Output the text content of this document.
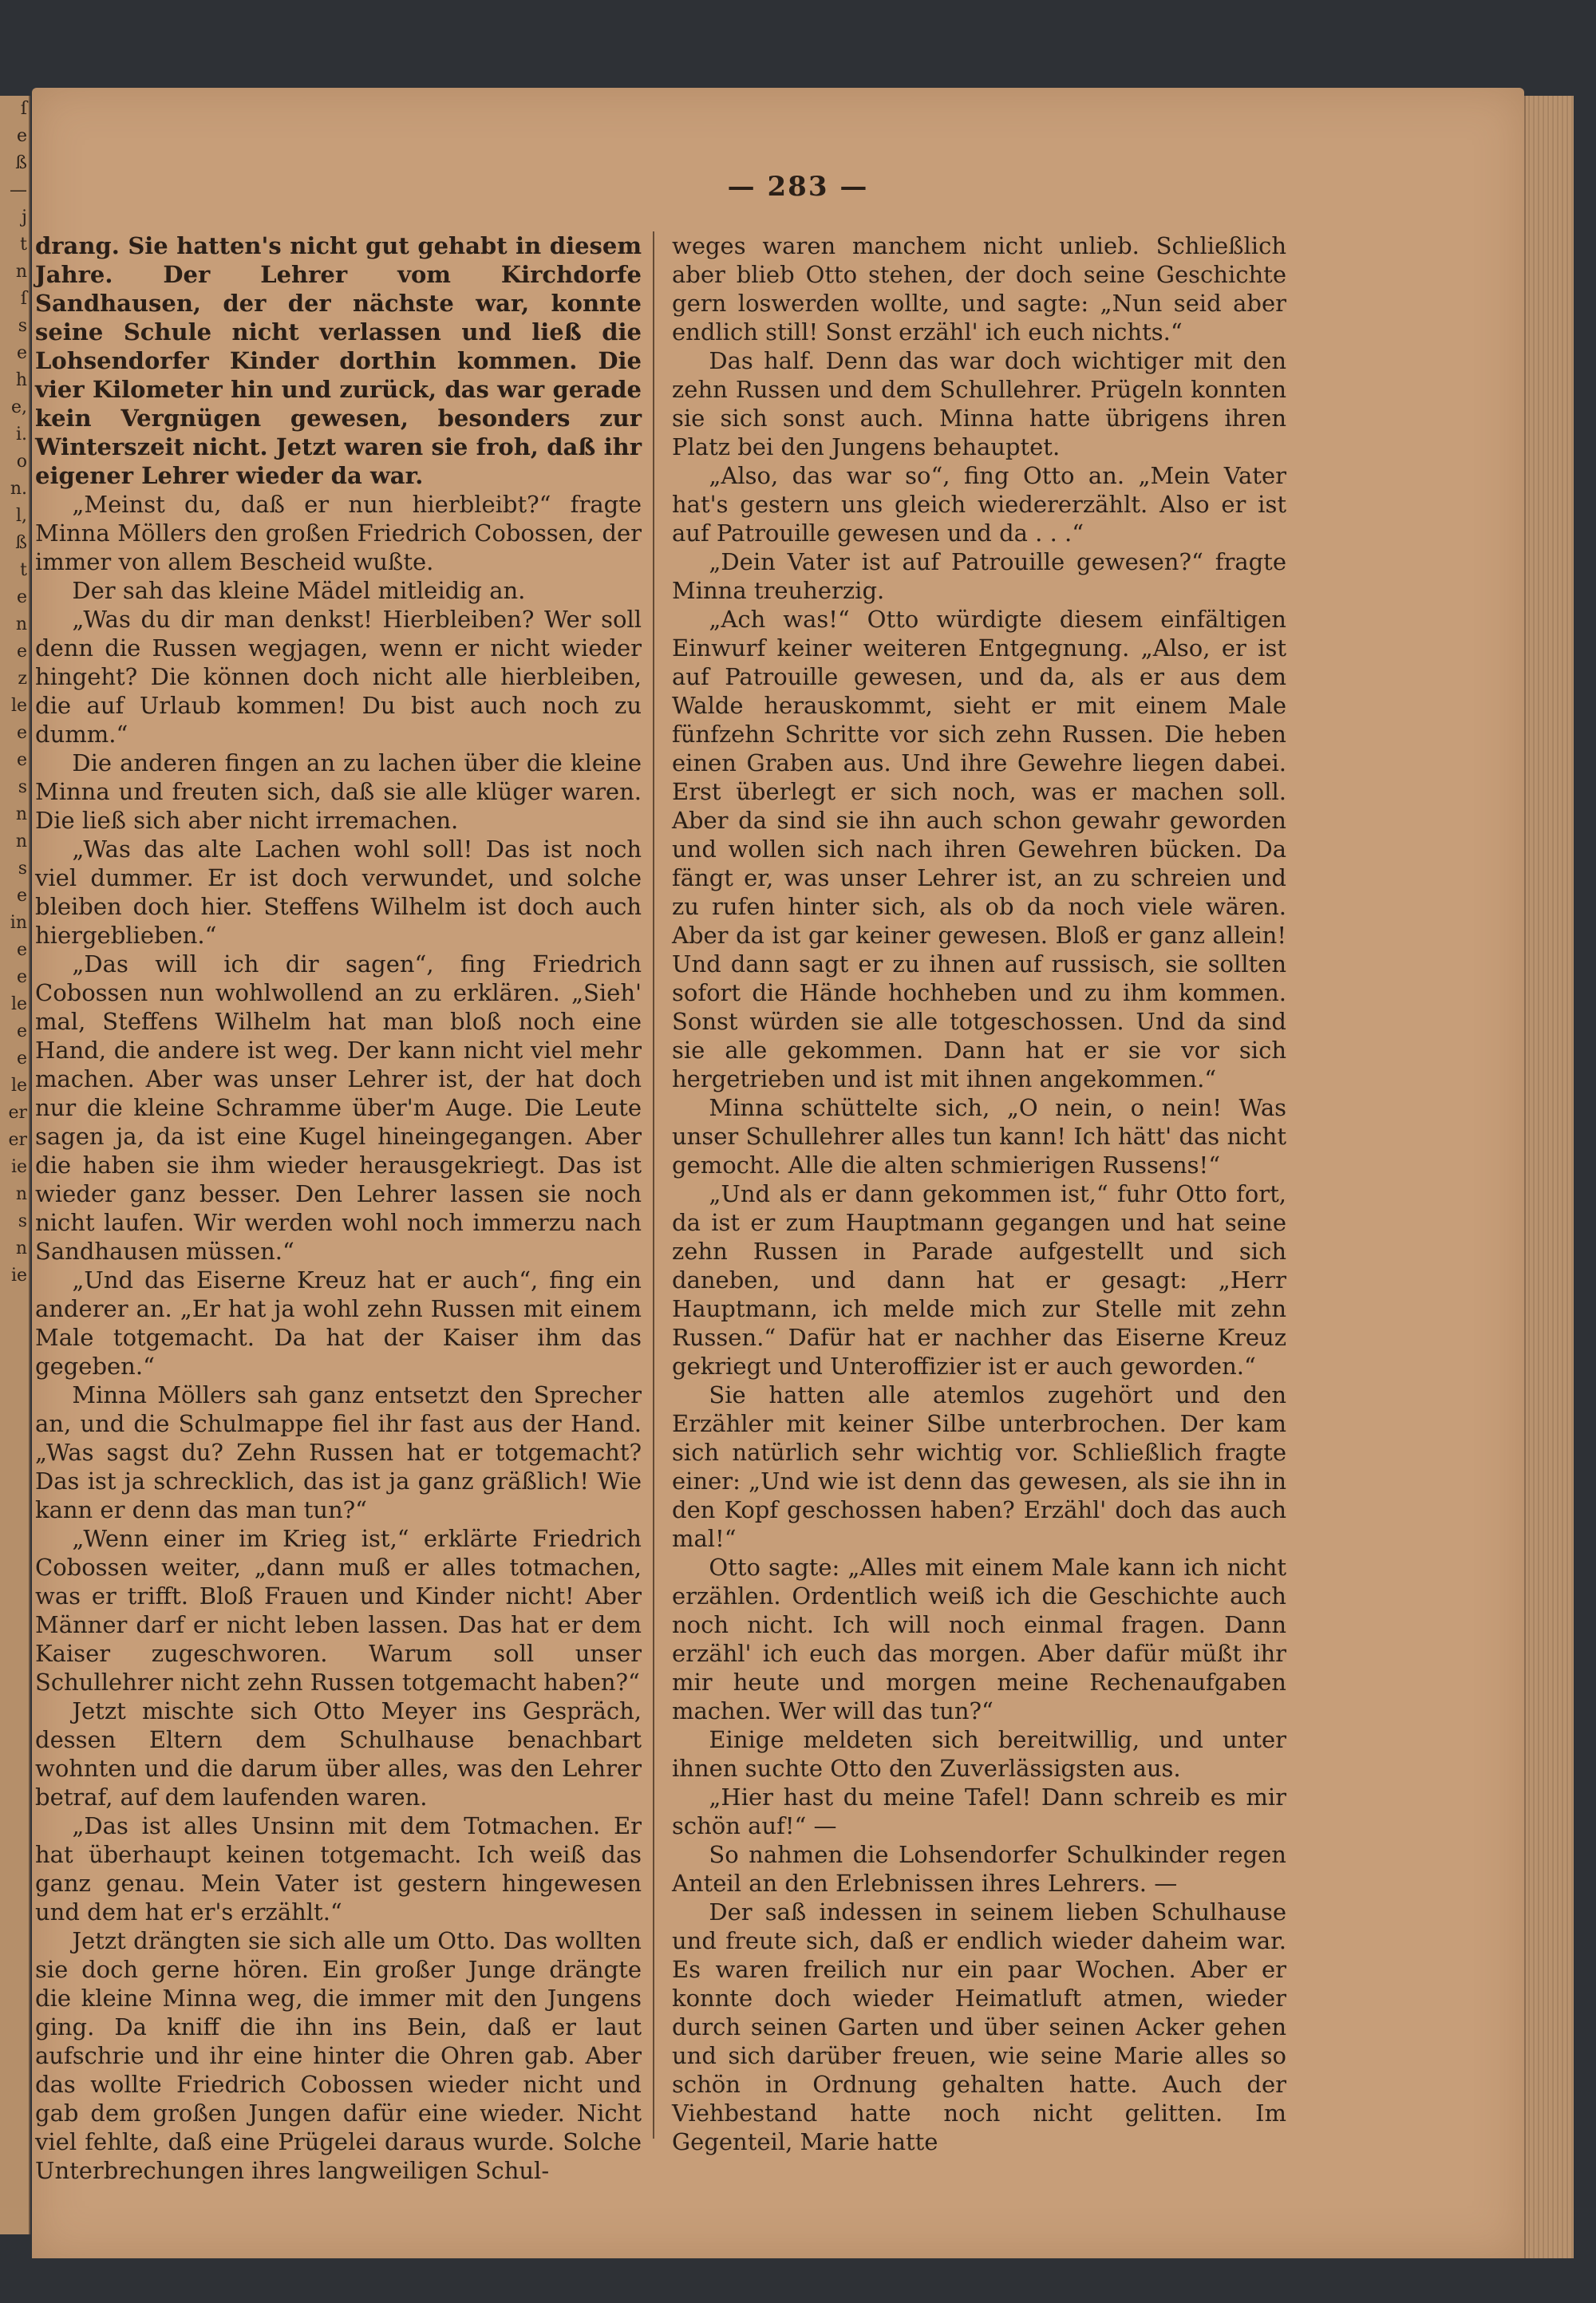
ſ
e
ß
—
j
t
n
ſ
s
e
h
e,
i.
o
n.
l,
ß
t
e
n
e
z
le
e
e
s
n
n
s
e
in
e
e
le
e
e
le
er
er
ie
n
s
n
ie
— 283 —

drang. Sie hatten's nicht gut gehabt in diesem Jahre. Der Lehrer vom Kirchdorfe Sandhausen, der der nächste war, konnte seine Schule nicht verlassen und ließ die Lohsendorfer Kinder dorthin kommen. Die vier Kilometer hin und zurück, das war gerade kein Vergnügen gewesen, besonders zur Winterszeit nicht. Jetzt waren sie froh, daß ihr eigener Lehrer wieder da war.

„Meinst du, daß er nun hierbleibt?“ fragte Minna Möllers den großen Friedrich Cobossen, der immer von allem Bescheid wußte.

Der sah das kleine Mädel mitleidig an.

„Was du dir man denkst! Hierbleiben? Wer soll denn die Russen wegjagen, wenn er nicht wieder hingeht? Die können doch nicht alle hierbleiben, die auf Urlaub kommen! Du bist auch noch zu dumm.“

Die anderen fingen an zu lachen über die kleine Minna und freuten sich, daß sie alle klüger waren. Die ließ sich aber nicht irremachen.

„Was das alte Lachen wohl soll! Das ist noch viel dummer. Er ist doch verwundet, und solche bleiben doch hier. Steffens Wilhelm ist doch auch hiergeblieben.“

„Das will ich dir sagen“, fing Friedrich Cobossen nun wohlwollend an zu erklären. „Sieh' mal, Steffens Wilhelm hat man bloß noch eine Hand, die andere ist weg. Der kann nicht viel mehr machen. Aber was unser Lehrer ist, der hat doch nur die kleine Schramme über'm Auge. Die Leute sagen ja, da ist eine Kugel hineingegangen. Aber die haben sie ihm wieder herausgekriegt. Das ist wieder ganz besser. Den Lehrer lassen sie noch nicht laufen. Wir werden wohl noch immerzu nach Sandhausen müssen.“

„Und das Eiserne Kreuz hat er auch“, fing ein anderer an. „Er hat ja wohl zehn Russen mit einem Male totgemacht. Da hat der Kaiser ihm das gegeben.“

Minna Möllers sah ganz entsetzt den Sprecher an, und die Schulmappe fiel ihr fast aus der Hand. „Was sagst du? Zehn Russen hat er totgemacht? Das ist ja schrecklich, das ist ja ganz gräßlich! Wie kann er denn das man tun?“

„Wenn einer im Krieg ist,“ erklärte Friedrich Cobossen weiter, „dann muß er alles totmachen, was er trifft. Bloß Frauen und Kinder nicht! Aber Männer darf er nicht leben lassen. Das hat er dem Kaiser zugeschworen. Warum soll unser Schullehrer nicht zehn Russen totgemacht haben?“

Jetzt mischte sich Otto Meyer ins Gespräch, dessen Eltern dem Schulhause benachbart wohnten und die darum über alles, was den Lehrer betraf, auf dem laufenden waren.

„Das ist alles Unsinn mit dem Totmachen. Er hat überhaupt keinen totgemacht. Ich weiß das ganz genau. Mein Vater ist gestern hingewesen und dem hat er's erzählt.“

Jetzt drängten sie sich alle um Otto. Das wollten sie doch gerne hören. Ein großer Junge drängte die kleine Minna weg, die immer mit den Jungens ging. Da kniff die ihn ins Bein, daß er laut aufschrie und ihr eine hinter die Ohren gab. Aber das wollte Friedrich Cobossen wieder nicht und gab dem großen Jungen dafür eine wieder. Nicht viel fehlte, daß eine Prügelei daraus wurde. Solche Unterbrechungen ihres langweiligen Schul-

weges waren manchem nicht unlieb. Schließlich aber blieb Otto stehen, der doch seine Geschichte gern loswerden wollte, und sagte: „Nun seid aber endlich still! Sonst erzähl' ich euch nichts.“

Das half. Denn das war doch wichtiger mit den zehn Russen und dem Schullehrer. Prügeln konnten sie sich sonst auch. Minna hatte übrigens ihren Platz bei den Jungens behauptet.

„Also, das war so“, fing Otto an. „Mein Vater hat's gestern uns gleich wiedererzählt. Also er ist auf Patrouille gewesen und da . . .“

„Dein Vater ist auf Patrouille gewesen?“ fragte Minna treuherzig.

„Ach was!“ Otto würdigte diesem einfältigen Einwurf keiner weiteren Entgegnung. „Also, er ist auf Patrouille gewesen, und da, als er aus dem Walde herauskommt, sieht er mit einem Male fünfzehn Schritte vor sich zehn Russen. Die heben einen Graben aus. Und ihre Gewehre liegen dabei. Erst überlegt er sich noch, was er machen soll. Aber da sind sie ihn auch schon gewahr geworden und wollen sich nach ihren Gewehren bücken. Da fängt er, was unser Lehrer ist, an zu schreien und zu rufen hinter sich, als ob da noch viele wären. Aber da ist gar keiner gewesen. Bloß er ganz allein! Und dann sagt er zu ihnen auf russisch, sie sollten sofort die Hände hochheben und zu ihm kommen. Sonst würden sie alle totgeschossen. Und da sind sie alle gekommen. Dann hat er sie vor sich hergetrieben und ist mit ihnen angekommen.“

Minna schüttelte sich, „O nein, o nein! Was unser Schullehrer alles tun kann! Ich hätt' das nicht gemocht. Alle die alten schmierigen Russens!“

„Und als er dann gekommen ist,“ fuhr Otto fort, da ist er zum Hauptmann gegangen und hat seine zehn Russen in Parade aufgestellt und sich daneben, und dann hat er gesagt: „Herr Hauptmann, ich melde mich zur Stelle mit zehn Russen.“ Dafür hat er nachher das Eiserne Kreuz gekriegt und Unteroffizier ist er auch geworden.“

Sie hatten alle atemlos zugehört und den Erzähler mit keiner Silbe unterbrochen. Der kam sich natürlich sehr wichtig vor. Schließlich fragte einer: „Und wie ist denn das gewesen, als sie ihn in den Kopf geschossen haben? Erzähl' doch das auch mal!“

Otto sagte: „Alles mit einem Male kann ich nicht erzählen. Ordentlich weiß ich die Geschichte auch noch nicht. Ich will noch einmal fragen. Dann erzähl' ich euch das morgen. Aber dafür müßt ihr mir heute und morgen meine Rechenaufgaben machen. Wer will das tun?“

Einige meldeten sich bereitwillig, und unter ihnen suchte Otto den Zuverlässigsten aus.

„Hier hast du meine Tafel! Dann schreib es mir schön auf!“ —

So nahmen die Lohsendorfer Schulkinder regen Anteil an den Erlebnissen ihres Lehrers. —

Der saß indessen in seinem lieben Schulhause und freute sich, daß er endlich wieder daheim war. Es waren freilich nur ein paar Wochen. Aber er konnte doch wieder Heimatluft atmen, wieder durch seinen Garten und über seinen Acker gehen und sich darüber freuen, wie seine Marie alles so schön in Ordnung gehalten hatte. Auch der Viehbestand hatte noch nicht gelitten. Im Gegenteil, Marie hatte
